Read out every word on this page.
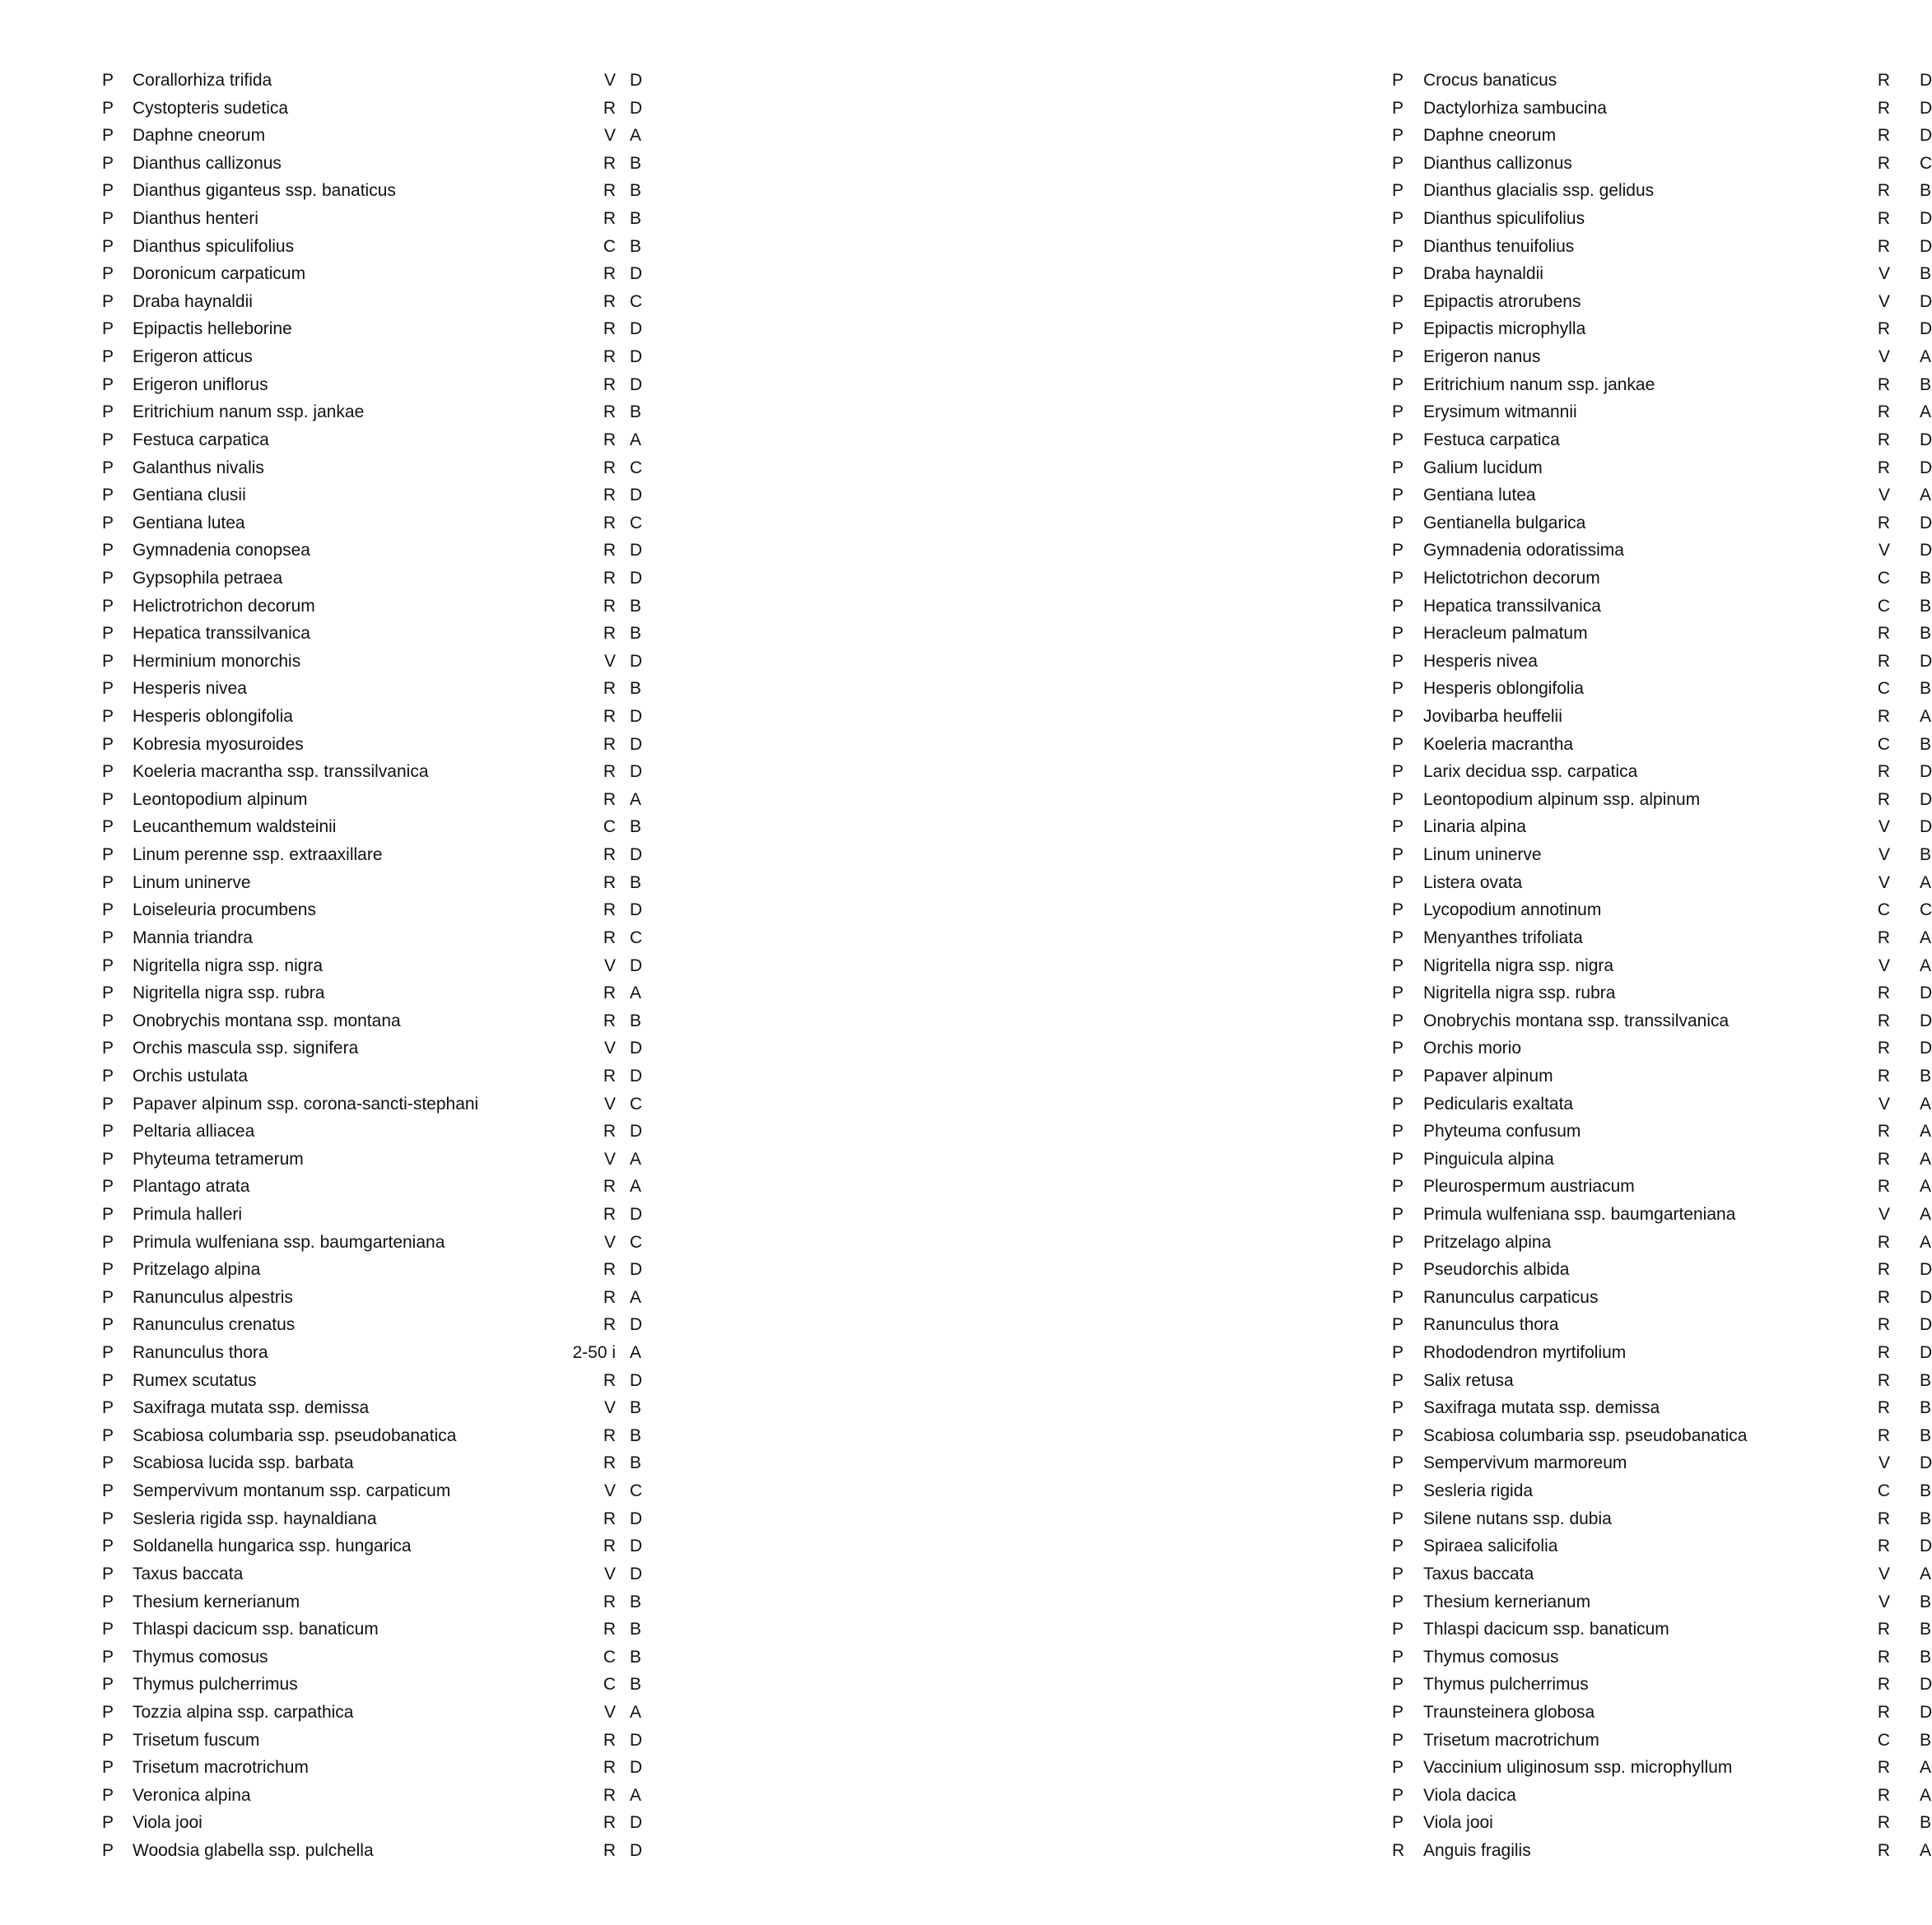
P Corallorhiza trifida	V D
P Cystopteris sudetica	R D
P Daphne cneorum	V A
P Dianthus callizonus	R B
P Dianthus giganteus ssp. banaticus	R B
P Dianthus henteri	R B
P Dianthus spiculifolius	C B
P Doronicum carpaticum	R D
P Draba haynaldii	R C
P Epipactis helleborine	R D
P Erigeron atticus	R D
P Erigeron uniflorus	R D
P Eritrichium nanum ssp. jankae	R B
P Festuca carpatica	R A
P Galanthus nivalis	R C
P Gentiana clusii	R D
P Gentiana lutea	R C
P Gymnadenia conopsea	R D
P Gypsophila petraea	R D
P Helictrotrichon decorum	R B
P Hepatica transsilvanica	R B
P Herminium monorchis	V D
P Hesperis nivea	R B
P Hesperis oblongifolia	R D
P Kobresia myosuroides	R D
P Koeleria macrantha ssp. transsilvanica	R D
P Leontopodium alpinum	R A
P Leucanthemum waldsteinii	C B
P Linum perenne ssp. extraaxillare	R D
P Linum uninerve	R B
P Loiseleuria procumbens	R D
P Mannia triandra	R C
P Nigritella nigra ssp. nigra	V D
P Nigritella nigra ssp. rubra	R A
P Onobrychis montana ssp. montana	R B
P Orchis mascula ssp. signifera	V D
P Orchis ustulata	R D
P Papaver alpinum ssp. corona-sancti-stephani	V C
P Peltaria alliacea	R D
P Phyteuma tetramerum	V A
P Plantago atrata	R A
P Primula halleri	R D
P Primula wulfeniana ssp. baumgarteniana	V C
P Pritzelago alpina	R D
P Ranunculus alpestris	R A
P Ranunculus crenatus	R D
P Ranunculus thora	2-50 i A
P Rumex scutatus	R D
P Saxifraga mutata ssp. demissa	V B
P Scabiosa columbaria ssp. pseudobanatica	R B
P Scabiosa lucida ssp. barbata	R B
P Sempervivum montanum ssp. carpaticum	V C
P Sesleria rigida ssp. haynaldiana	R D
P Soldanella hungarica ssp. hungarica	R D
P Taxus baccata	V D
P Thesium kernerianum	R B
P Thlaspi dacicum ssp. banaticum	R B
P Thymus comosus	C B
P Thymus pulcherrimus	C B
P Tozzia alpina ssp. carpathica	V A
P Trisetum fuscum	R D
P Trisetum macrotrichum	R D
P Veronica alpina	R A
P Viola jooi	R D
P Woodsia glabella ssp. pulchella	R D
P Crocus banaticus	R D
P Dactylorhiza sambucina	R D
P Daphne cneorum	R D
P Dianthus callizonus	R C
P Dianthus glacialis ssp. gelidus	R B
P Dianthus spiculifolius	R D
P Dianthus tenuifolius	R D
P Draba haynaldii	V B
P Epipactis atrorubens	V D
P Epipactis microphylla	R D
P Erigeron nanus	V A
P Eritrichium nanum ssp. jankae	R B
P Erysimum witmannii	R A
P Festuca carpatica	R D
P Galium lucidum	R D
P Gentiana lutea	V A
P Gentianella bulgarica	R D
P Gymnadenia odoratissima	V D
P Helictotrichon decorum	C B
P Hepatica transsilvanica	C B
P Heracleum palmatum	R B
P Hesperis nivea	R D
P Hesperis oblongifolia	C B
P Jovibarba heuffelii	R A
P Koeleria macrantha	C B
P Larix decidua ssp. carpatica	R D
P Leontopodium alpinum ssp. alpinum	R D
P Linaria alpina	V D
P Linum uninerve	V B
P Listera ovata	V A
P Lycopodium annotinum	C C
P Menyanthes trifoliata	R A
P Nigritella nigra ssp. nigra	V A
P Nigritella nigra ssp. rubra	R D
P Onobrychis montana ssp. transsilvanica	R D
P Orchis morio	R D
P Papaver alpinum	R B
P Pedicularis exaltata	V A
P Phyteuma confusum	R A
P Pinguicula alpina	R A
P Pleurospermum austriacum	R A
P Primula wulfeniana ssp. baumgarteniana	V A
P Pritzelago alpina	R A
P Pseudorchis albida	R D
P Ranunculus carpaticus	R D
P Ranunculus thora	R D
P Rhododendron myrtifolium	R D
P Salix retusa	R B
P Saxifraga mutata ssp. demissa	R B
P Scabiosa columbaria ssp. pseudobanatica	R B
P Sempervivum marmoreum	V D
P Sesleria rigida	C B
P Silene nutans ssp. dubia	R B
P Spiraea salicifolia	R D
P Taxus baccata	V A
P Thesium kernerianum	V B
P Thlaspi dacicum ssp. banaticum	R B
P Thymus comosus	R B
P Thymus pulcherrimus	R D
P Traunsteinera globosa	R D
P Trisetum macrotrichum	C B
P Vaccinium uliginosum ssp. microphyllum	R A
P Viola dacica	R A
P Viola jooi	R B
R Anguis fragilis	R A
